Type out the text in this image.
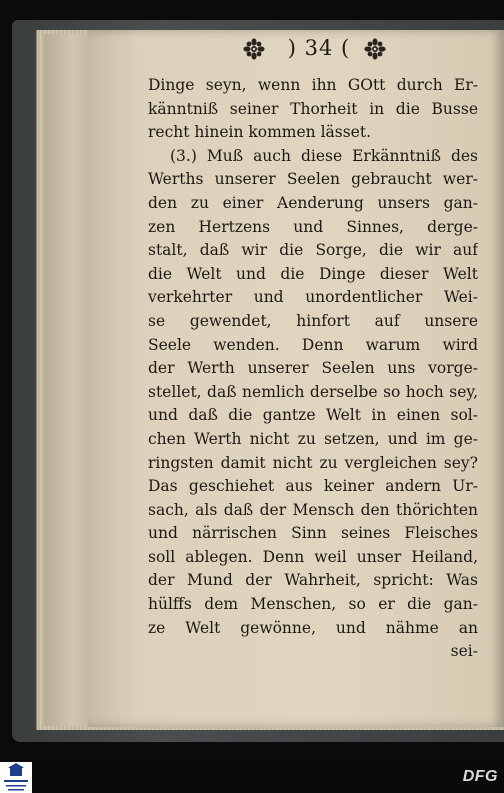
) 34 (
Dinge seyn, wenn ihn GOtt durch Er-
känntniß seiner Thorheit in die Busse
recht hinein kommen lässet.
(3.) Muß auch diese Erkänntniß des
Werths unserer Seelen gebraucht wer-
den zu einer Aenderung unsers gan-
zen Hertzens und Sinnes, derge-
stalt, daß wir die Sorge, die wir auf
die Welt und die Dinge dieser Welt
verkehrter und unordentlicher Wei-
se gewendet, hinfort auf unsere
Seele wenden. Denn warum wird
der Werth unserer Seelen uns vorge-
stellet, daß nemlich derselbe so hoch sey,
und daß die gantze Welt in einen sol-
chen Werth nicht zu setzen, und im ge-
ringsten damit nicht zu vergleichen sey?
Das geschiehet aus keiner andern Ur-
sach, als daß der Mensch den thörichten
und närrischen Sinn seines Fleisches
soll ablegen. Denn weil unser Heiland,
der Mund der Wahrheit, spricht: Was
hülffs dem Menschen, so er die gan-
ze Welt gewönne, und nähme an
sei-
DFG
